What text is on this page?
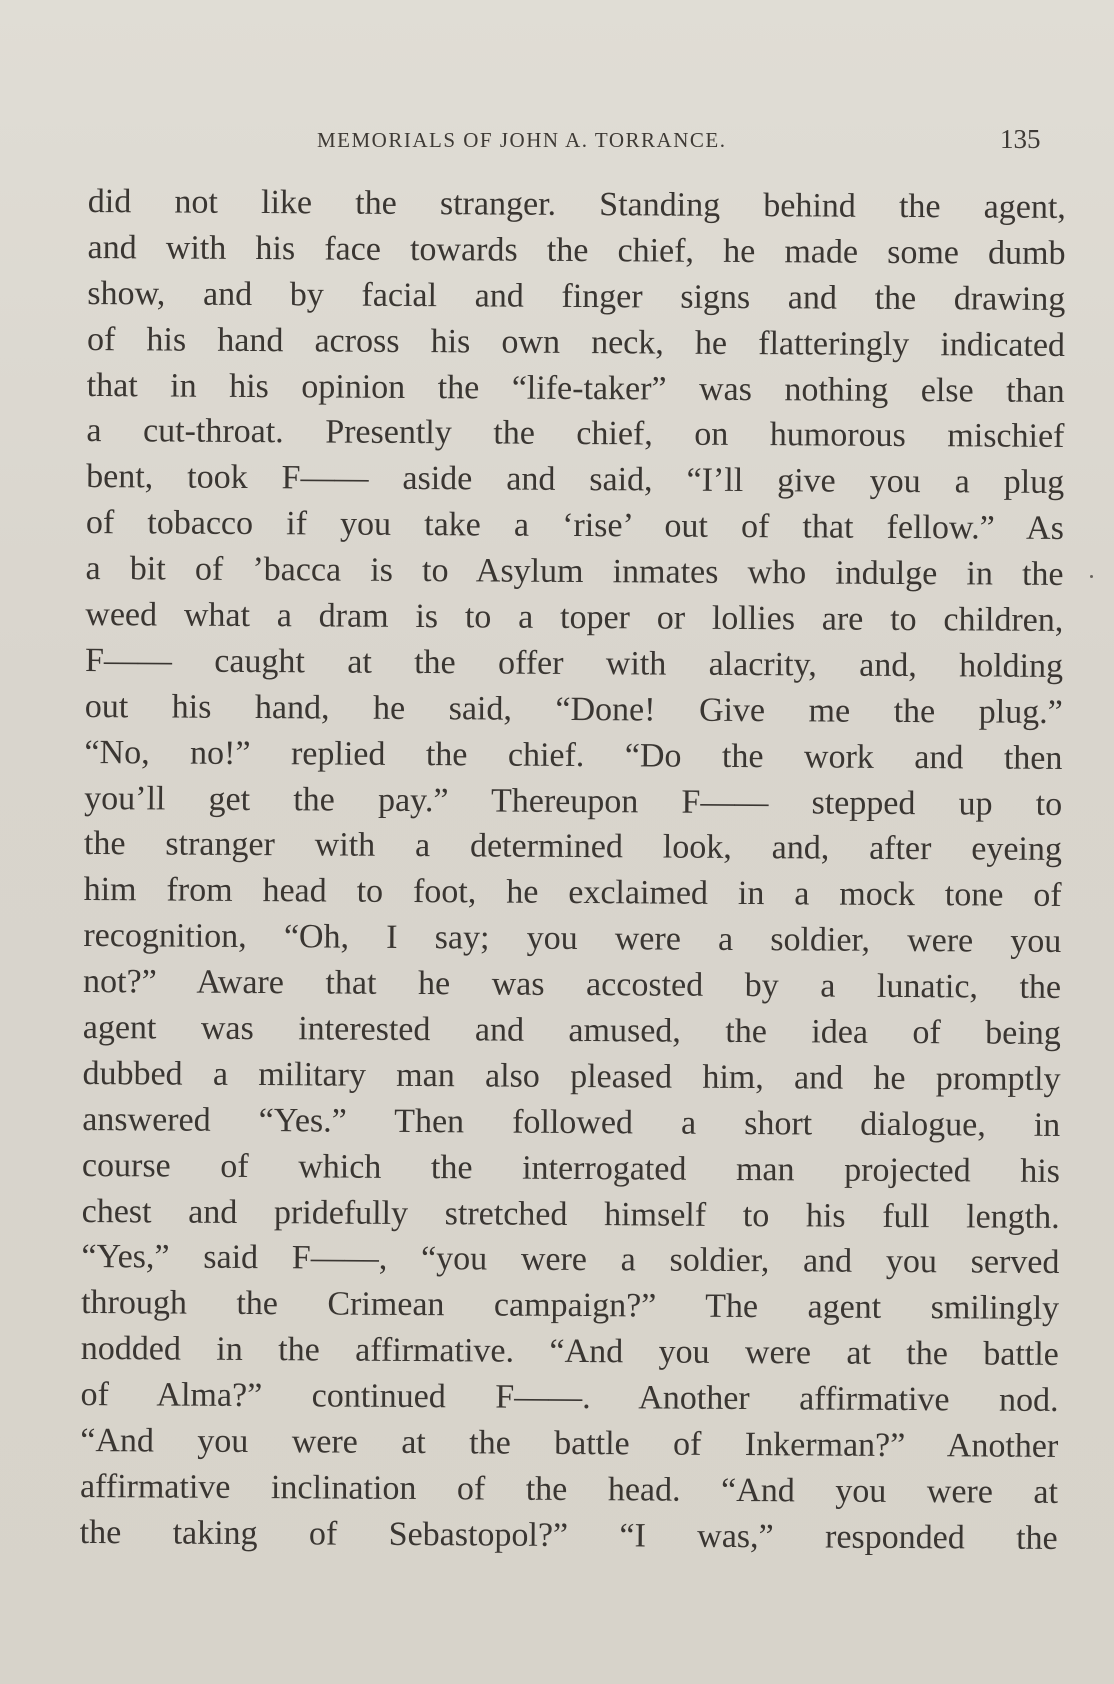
MEMORIALS OF JOHN A. TORRANCE.	135
did not like the stranger. Standing behind the agent,
and with his face towards the chief, he made some dumb
show, and by facial and finger signs and the drawing
of his hand across his own neck, he flatteringly indicated
that in his opinion the “life-taker” was nothing else than
a cut-throat. Presently the chief, on humorous mischief
bent, took F—— aside and said, “I’ll give you a plug
of tobacco if you take a ‘rise’ out of that fellow.” As
a bit of ’bacca is to Asylum inmates who indulge in the
weed what a dram is to a toper or lollies are to children,
F—— caught at the offer with alacrity, and, holding
out his hand, he said, “Done! Give me the plug.”
“No, no!” replied the chief. “Do the work and then
you’ll get the pay.” Thereupon F—— stepped up to
the stranger with a determined look, and, after eyeing
him from head to foot, he exclaimed in a mock tone of
recognition, “Oh, I say; you were a soldier, were you
not?” Aware that he was accosted by a lunatic, the
agent was interested and amused, the idea of being
dubbed a military man also pleased him, and he promptly
answered “Yes.” Then followed a short dialogue, in
course of which the interrogated man projected his
chest and pridefully stretched himself to his full length.
“Yes,” said F——, “you were a soldier, and you served
through the Crimean campaign?” The agent smilingly
nodded in the affirmative. “And you were at the battle
of Alma?” continued F——. Another affirmative nod.
“And you were at the battle of Inkerman?” Another
affirmative inclination of the head. “And you were at
the taking of Sebastopol?” “I was,” responded the
